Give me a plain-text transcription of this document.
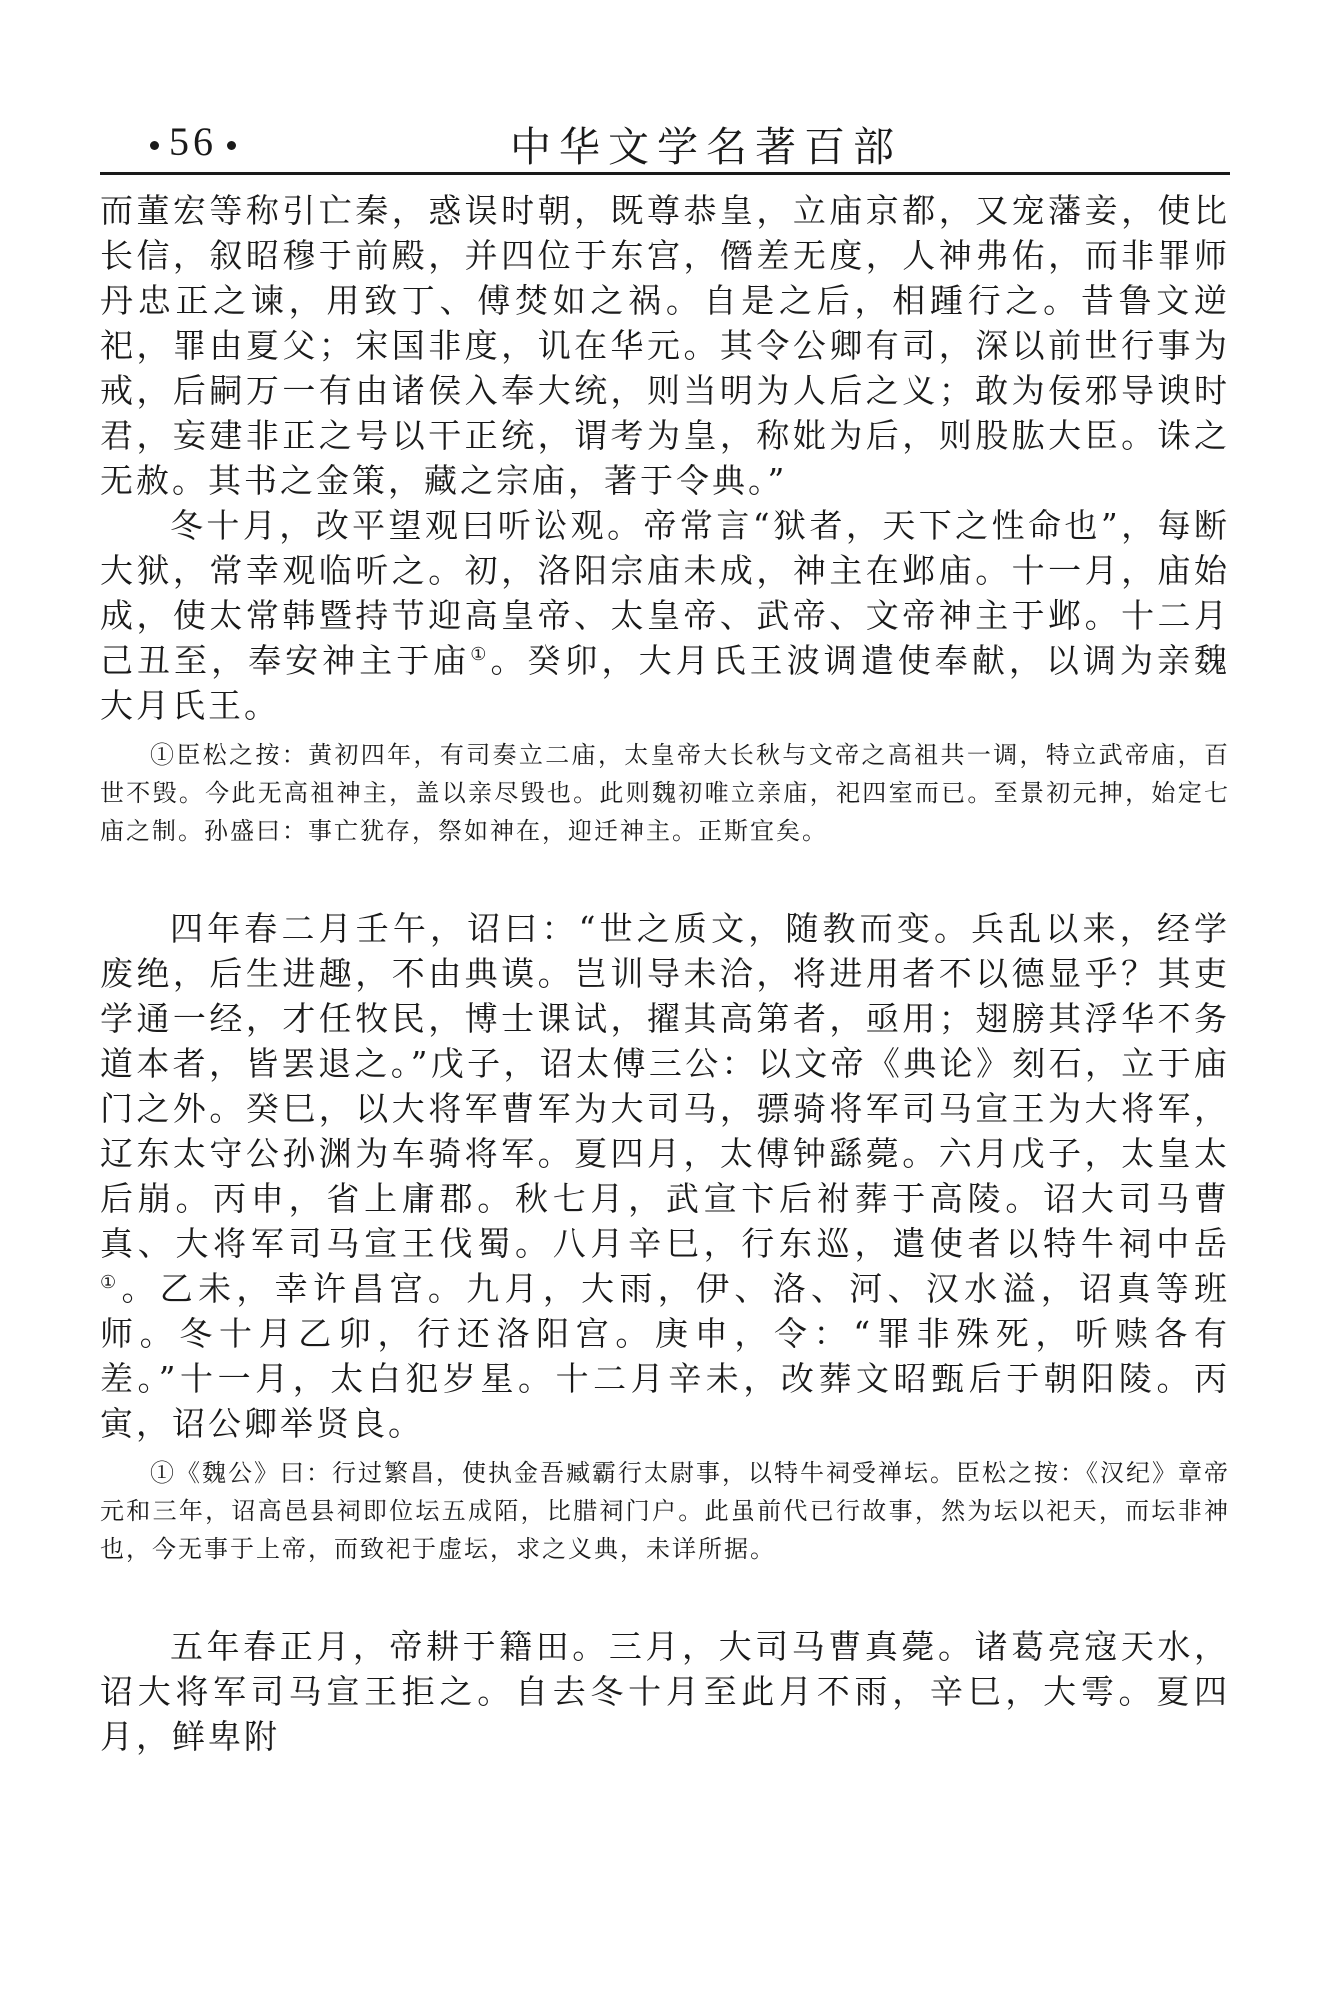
56	中华文学名著百部

而董宏等称引亡秦，惑误时朝，既尊恭皇，立庙京都，又宠藩妾，使比长信，叙昭穆于前殿，并四位于东宫，僭差无度，人神弗佑，而非罪师丹忠正之谏，用致丁、傅焚如之祸。自是之后，相踵行之。昔鲁文逆祀，罪由夏父；宋国非度，讥在华元。其令公卿有司，深以前世行事为戒，后嗣万一有由诸侯入奉大统，则当明为人后之义；敢为佞邪导谀时君，妄建非正之号以干正统，谓考为皇，称妣为后，则股肱大臣。诛之无赦。其书之金策，藏之宗庙，著于令典。”

冬十月，改平望观曰听讼观。帝常言“狱者，天下之性命也”，每断大狱，常幸观临听之。初，洛阳宗庙未成，神主在邺庙。十一月，庙始成，使太常韩暨持节迎高皇帝、太皇帝、武帝、文帝神主于邺。十二月己丑至，奉安神主于庙①。癸卯，大月氏王波调遣使奉献，以调为亲魏大月氏王。

①臣松之按：黄初四年，有司奏立二庙，太皇帝大长秋与文帝之高祖共一调，特立武帝庙，百世不毁。今此无高祖神主，盖以亲尽毁也。此则魏初唯立亲庙，祀四室而已。至景初元抻，始定七庙之制。孙盛曰：事亡犹存，祭如神在，迎迁神主。正斯宜矣。

四年春二月壬午，诏曰：“世之质文，随教而变。兵乱以来，经学废绝，后生进趣，不由典谟。岂训导未洽，将进用者不以德显乎？其吏学通一经，才任牧民，博士课试，擢其高第者，亟用；翅膀其浮华不务道本者，皆罢退之。”戊子，诏太傅三公：以文帝《典论》刻石，立于庙门之外。癸巳，以大将军曹军为大司马，骠骑将军司马宣王为大将军，辽东太守公孙渊为车骑将军。夏四月，太傅钟繇薨。六月戊子，太皇太后崩。丙申，省上庸郡。秋七月，武宣卞后祔葬于高陵。诏大司马曹真、大将军司马宣王伐蜀。八月辛巳，行东巡，遣使者以特牛祠中岳①。乙未，幸许昌宫。九月，大雨，伊、洛、河、汉水溢，诏真等班师。冬十月乙卯，行还洛阳宫。庚申，令：“罪非殊死，听赎各有差。”十一月，太白犯岁星。十二月辛未，改葬文昭甄后于朝阳陵。丙寅，诏公卿举贤良。

①《魏公》曰：行过繁昌，使执金吾臧霸行太尉事，以特牛祠受禅坛。臣松之按：《汉纪》章帝元和三年，诏高邑县祠即位坛五成陌，比腊祠门户。此虽前代已行故事，然为坛以祀天，而坛非神也，今无事于上帝，而致祀于虚坛，求之义典，未详所据。

五年春正月，帝耕于籍田。三月，大司马曹真薨。诸葛亮寇天水，诏大将军司马宣王拒之。自去冬十月至此月不雨，辛巳，大雩。夏四月，鲜卑附
